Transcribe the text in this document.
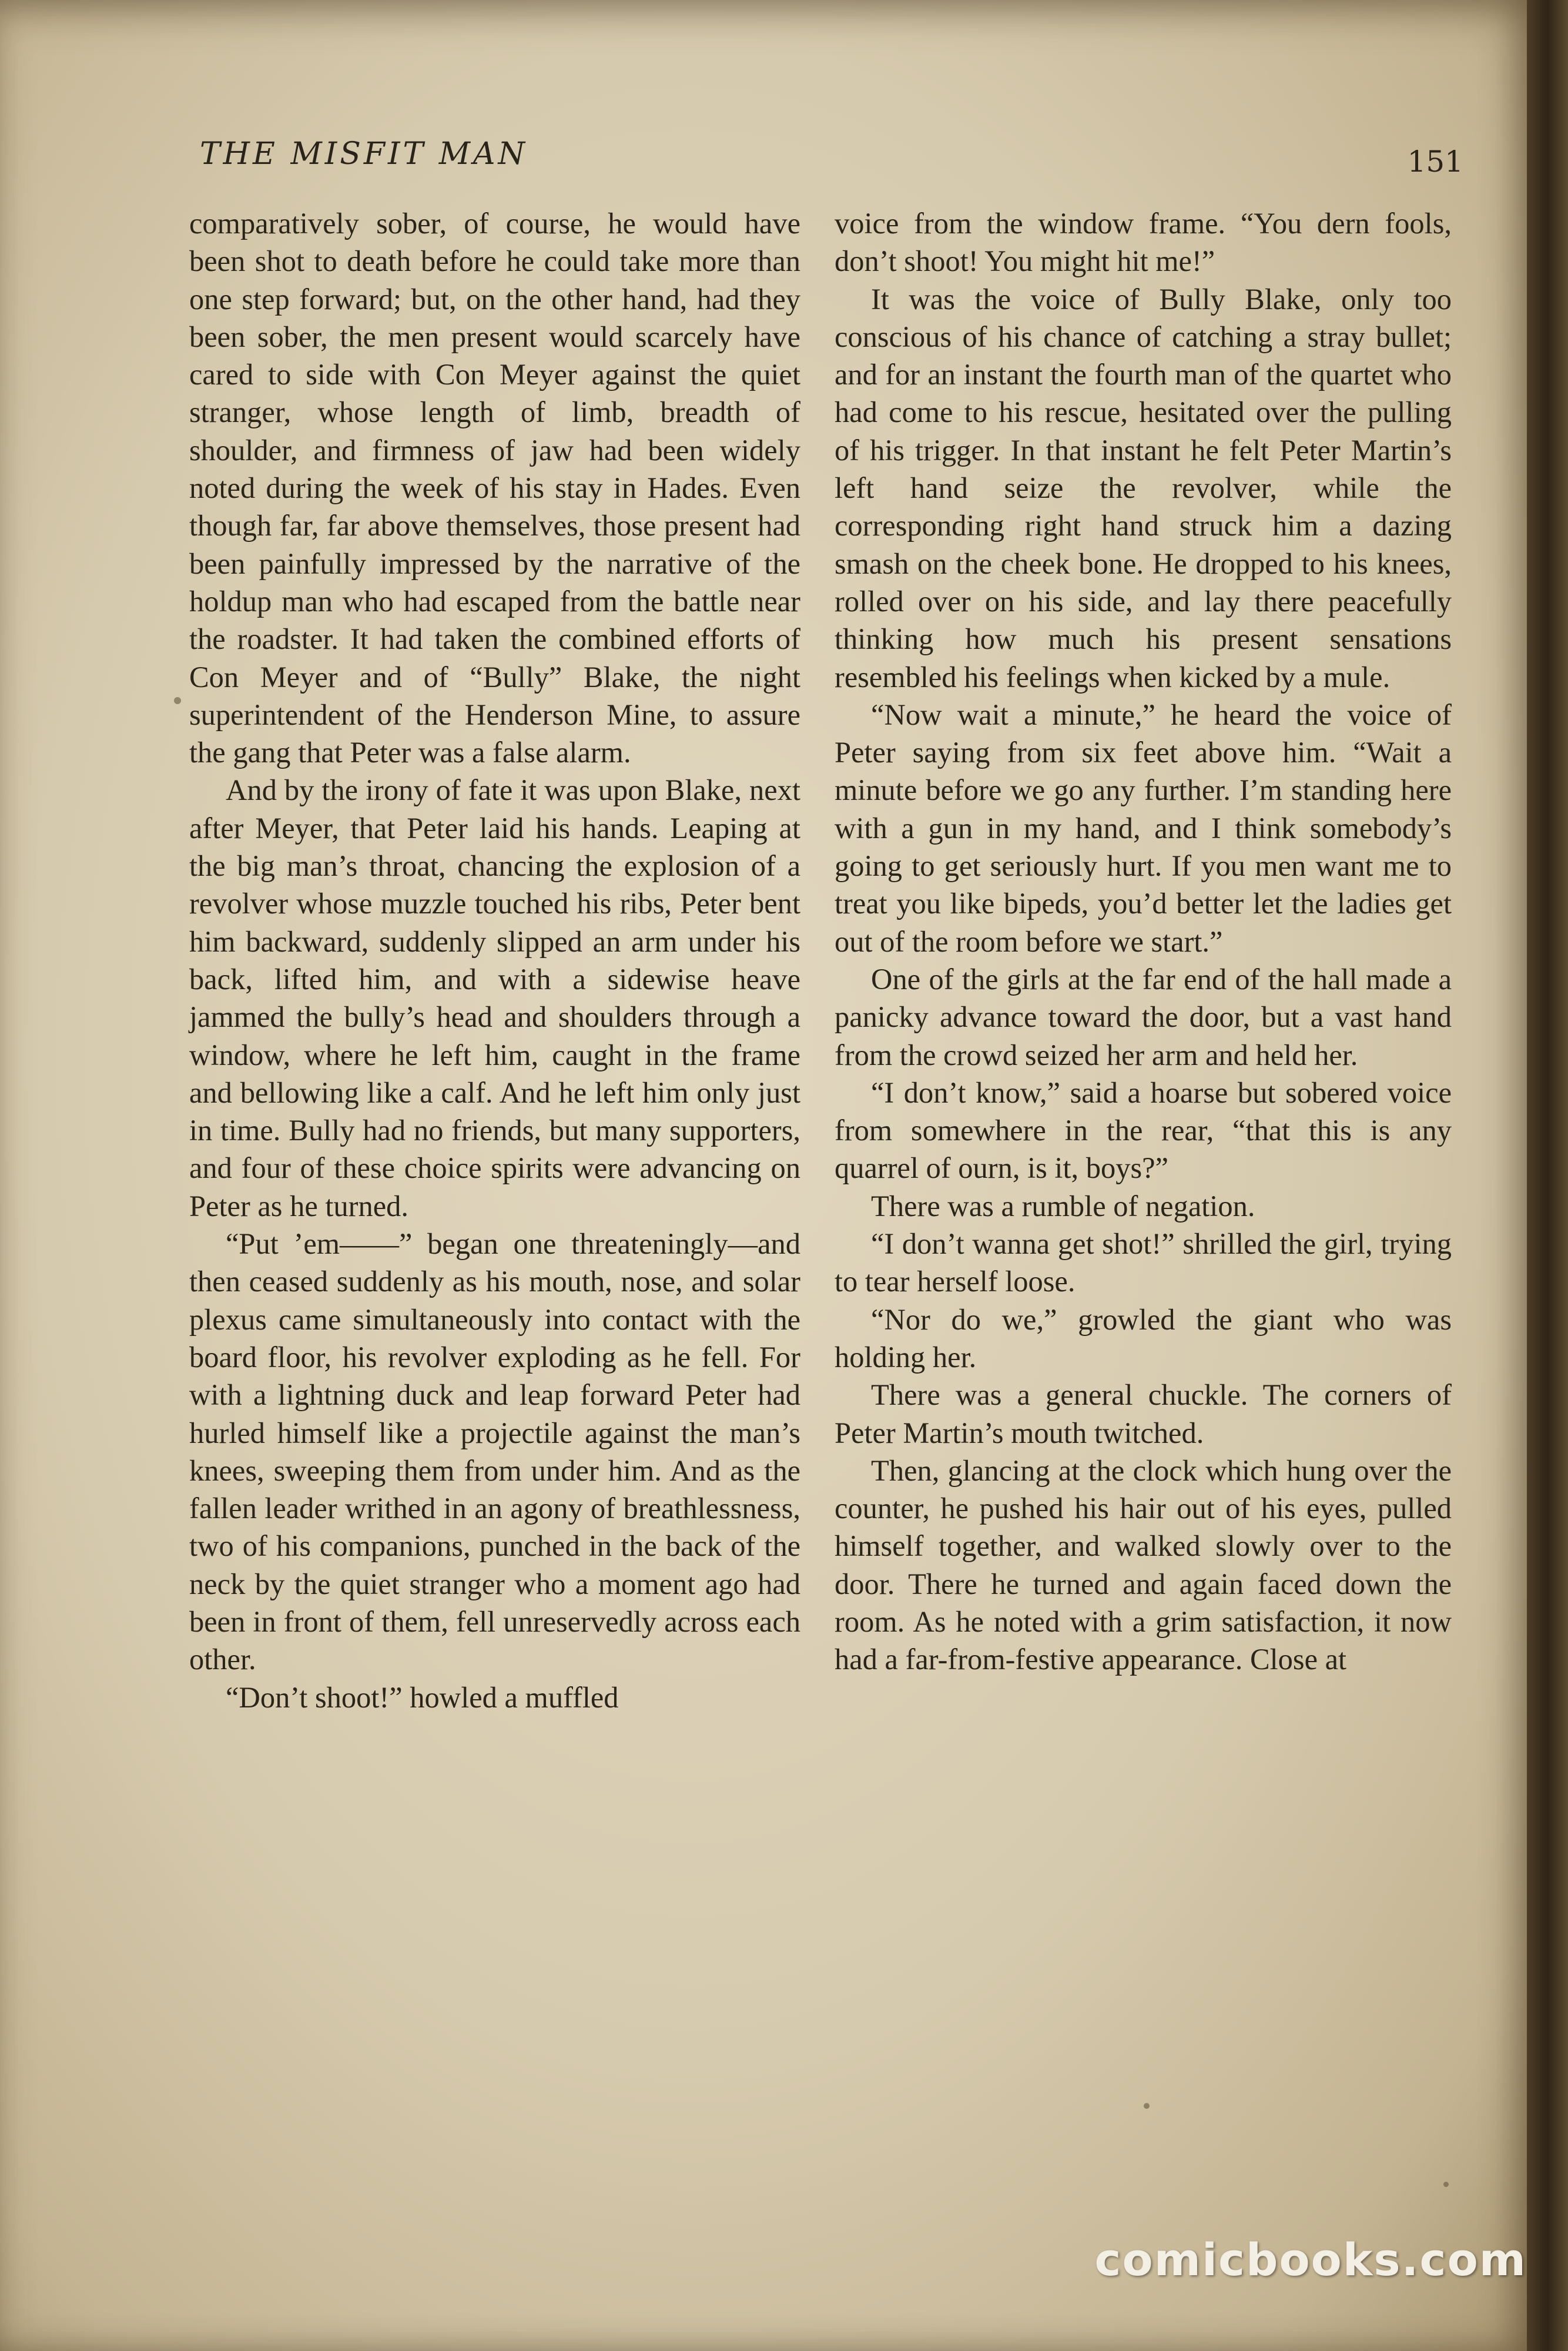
THE MISFIT MAN	151

comparatively sober, of course, he would have been shot to death before he could take more than one step forward; but, on the other hand, had they been sober, the men present would scarcely have cared to side with Con Meyer against the quiet stranger, whose length of limb, breadth of shoulder, and firmness of jaw had been widely noted during the week of his stay in Hades. Even though far, far above themselves, those present had been painfully impressed by the narrative of the holdup man who had escaped from the battle near the roadster. It had taken the combined efforts of Con Meyer and of “Bully” Blake, the night superintendent of the Henderson Mine, to assure the gang that Peter was a false alarm.

And by the irony of fate it was upon Blake, next after Meyer, that Peter laid his hands. Leaping at the big man’s throat, chancing the explosion of a revolver whose muzzle touched his ribs, Peter bent him backward, suddenly slipped an arm under his back, lifted him, and with a sidewise heave jammed the bully’s head and shoulders through a window, where he left him, caught in the frame and bellowing like a calf. And he left him only just in time. Bully had no friends, but many supporters, and four of these choice spirits were advancing on Peter as he turned.

“Put ’em——” began one threateningly—and then ceased suddenly as his mouth, nose, and solar plexus came simultaneously into contact with the board floor, his revolver exploding as he fell. For with a lightning duck and leap forward Peter had hurled himself like a projectile against the man’s knees, sweeping them from under him. And as the fallen leader writhed in an agony of breathlessness, two of his companions, punched in the back of the neck by the quiet stranger who a moment ago had been in front of them, fell unreservedly across each other.

“Don’t shoot!” howled a muffled

voice from the window frame. “You dern fools, don’t shoot! You might hit me!”

It was the voice of Bully Blake, only too conscious of his chance of catching a stray bullet; and for an instant the fourth man of the quartet who had come to his rescue, hesitated over the pulling of his trigger. In that instant he felt Peter Martin’s left hand seize the revolver, while the corresponding right hand struck him a dazing smash on the cheek bone. He dropped to his knees, rolled over on his side, and lay there peacefully thinking how much his present sensations resembled his feelings when kicked by a mule.

“Now wait a minute,” he heard the voice of Peter saying from six feet above him. “Wait a minute before we go any further. I’m standing here with a gun in my hand, and I think somebody’s going to get seriously hurt. If you men want me to treat you like bipeds, you’d better let the ladies get out of the room before we start.”

One of the girls at the far end of the hall made a panicky advance toward the door, but a vast hand from the crowd seized her arm and held her.

“I don’t know,” said a hoarse but sobered voice from somewhere in the rear, “that this is any quarrel of ourn, is it, boys?”

There was a rumble of negation.

“I don’t wanna get shot!” shrilled the girl, trying to tear herself loose.

“Nor do we,” growled the giant who was holding her.

There was a general chuckle. The corners of Peter Martin’s mouth twitched.

Then, glancing at the clock which hung over the counter, he pushed his hair out of his eyes, pulled himself together, and walked slowly over to the door. There he turned and again faced down the room. As he noted with a grim satisfaction, it now had a far-from-festive appearance. Close at

comicbooks.com
